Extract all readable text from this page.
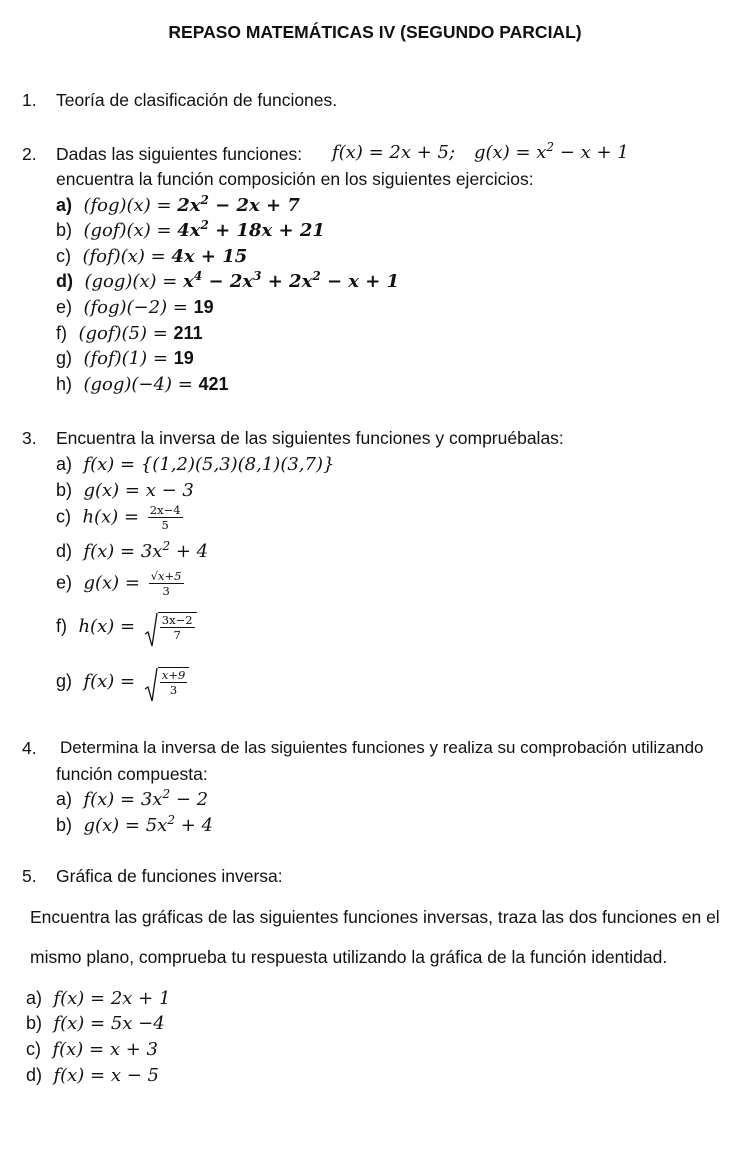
REPASO MATEMÁTICAS IV (SEGUNDO PARCIAL)
1. Teoría de clasificación de funciones.
2. Dadas las siguientes funciones: f(x) = 2x + 5; $g(x) = x^2 - x + 1$
encuentra la función composición en los siguientes ejercicios:
a) $(fog)(x) = 2x^2 - 2x + 7$
b) $(gof)(x) = 4x^2 + 18x + 21$
c) (fof)(x) = 4x + 15
d) $(gog)(x) = x^4 - 2x^3 + 2x^2 - x + 1$
e) (fog)(−2) = 19
f) (gof)(5) = 211
g) (fof)(1) = 19
h) (gog)(−4) = 421
3. Encuentra la inversa de las siguientes funciones y compruébalas:
a) f(x) = {(1,2)(5,3)(8,1)(3,7)}
b) g(x) = x − 3
c) $h(x) = \frac{2x-4}{5}$
d) $f(x) = 3x^2 + 4$
e) $g(x) = \frac{√x+5}{3}$
f) $h(x) = \frac{3x-2}{7}$
g) $f(x) = \frac{x+9}{3}$
4. Determina la inversa de las siguientes funciones y realiza su comprobación utilizando
función compuesta:
a) $f(x) = 3x^2 - 2$
b) $g(x) = 5x^2 + 4$
5. Gráfica de funciones inversa:
Encuentra las gráficas de las siguientes funciones inversas, traza las dos funciones en el
mismo plano, comprueba tu respuesta utilizando la gráfica de la función identidad.
a) f(x) = 2x + 1
b) f(x) = 5x −4
c) f(x) = x + 3
d) f(x) = x − 5
